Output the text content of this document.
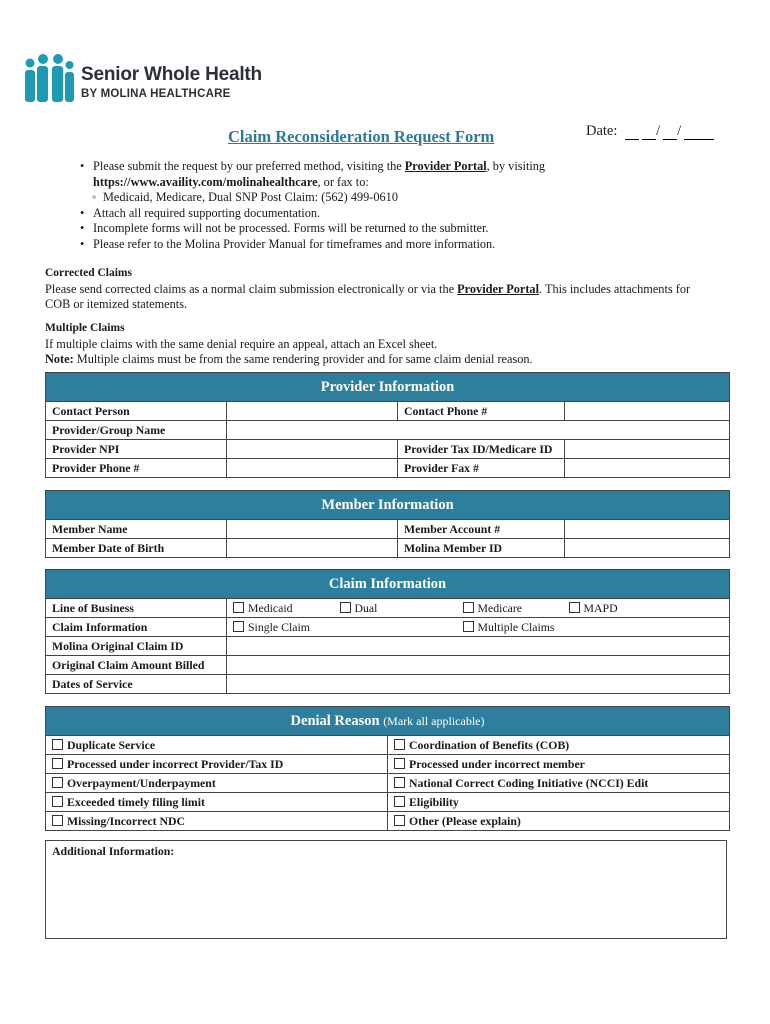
Senior Whole Health
BY MOLINA HEALTHCARE
Claim Reconsideration Request Form	Date:	/ /
• Please submit the request by our preferred method, visiting the Provider Portal, by visiting
https://www.availity.com/molinahealthcare, or fax to:
◦ Medicaid, Medicare, Dual SNP Post Claim: (562) 499-0610
• Attach all required supporting documentation.
• Incomplete forms will not be processed. Forms will be returned to the submitter.
• Please refer to the Molina Provider Manual for timeframes and more information.
Corrected Claims
Please send corrected claims as a normal claim submission electronically or via the Provider Portal. This includes attachments for COB or itemized statements.
Multiple Claims
If multiple claims with the same denial require an appeal, attach an Excel sheet.
Note: Multiple claims must be from the same rendering provider and for same claim denial reason.
Provider Information			
Contact Person		Contact Phone #	
Provider/Group Name			
Provider NPI		Provider Tax ID/Medicare ID	
Provider Phone #		Provider Fax #	
Member Information			
Member Name		Member Account #	
Member Date of Birth		Molina Member ID	
Claim Information				
Line of Business	Medicaid	Dual	Medicare	MAPD
Claim Information	Single Claim		Multiple Claims	
Molina Original Claim ID				
Original Claim Amount Billed				
Dates of Service				
Denial Reason (Mark all applicable)	
Duplicate Service	Coordination of Benefits (COB)
Processed under incorrect Provider/Tax ID	Processed under incorrect member
Overpayment/Underpayment	National Correct Coding Initiative (NCCI) Edit
Exceeded timely filing limit	Eligibility
Missing/Incorrect NDC	Other (Please explain)
Additional Information:
